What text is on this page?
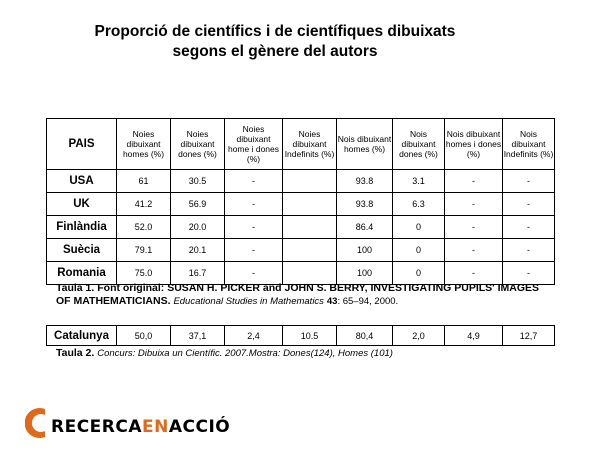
Proporció de científics i de científiques dibuixats
segons el gènere del autors
PAIS	Noies dibuixant homes (%)	Noies dibuixant dones (%)	Noies dibuixant home i dones (%)	Noies dibuixant Indefinits (%)	Nois dibuixant homes (%)	Nois dibuixant dones (%)	Nois dibuixant homes i dones (%)	Nois dibuixant Indefinits (%)
USA	61	30.5	-		93.8	3.1	-	-
UK	41.2	56.9	-		93.8	6.3	-	-
Finlàndia	52.0	20.0	-		86.4	0	-	-
Suècia	79.1	20.1	-		100	0	-	-
Romania	75.0	16.7	-		100	0	-	-
Taula 1. Font original: SUSAN H. PICKER and JOHN S. BERRY, INVESTIGATING PUPILS' IMAGES OF MATHEMATICIANS. Educational Studies in Mathematics 43: 65–94, 2000.
Catalunya	50,0	37,1	2,4	10.5	80,4	2,0	4,9	12,7
Taula 2. Concurs: Dibuixa un Científic. 2007.Mostra: Dones(124), Homes (101)
RECERCAENACCIÓ
